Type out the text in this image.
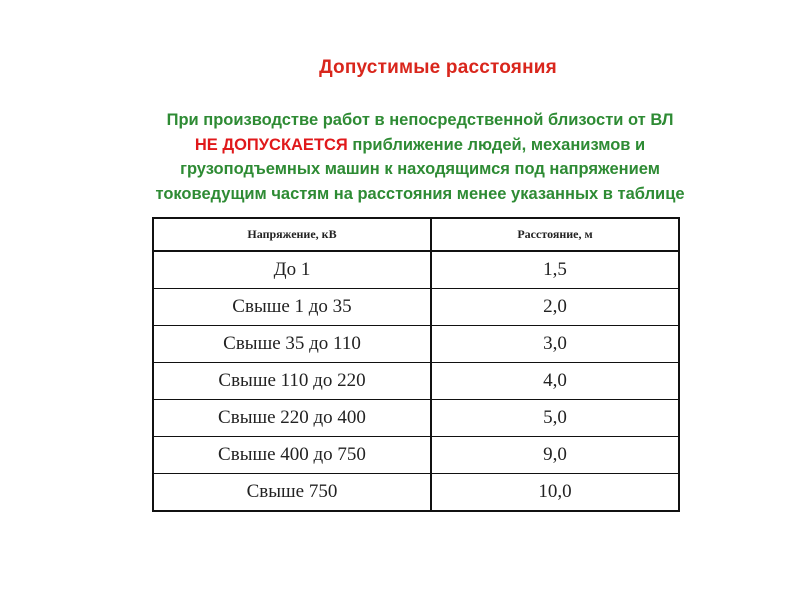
Допустимые расстояния
При производстве работ в непосредственной близости от ВЛ
НЕ ДОПУСКАЕТСЯ приближение людей, механизмов и
грузоподъемных машин к находящимся под напряжением
токоведущим частям на расстояния менее указанных в таблице
Напряжение, кВ	Расстояние, м
До 1	1,5
Свыше 1 до 35	2,0
Свыше 35 до 110	3,0
Свыше 110 до 220	4,0
Свыше 220 до 400	5,0
Свыше 400 до 750	9,0
Свыше 750	10,0
